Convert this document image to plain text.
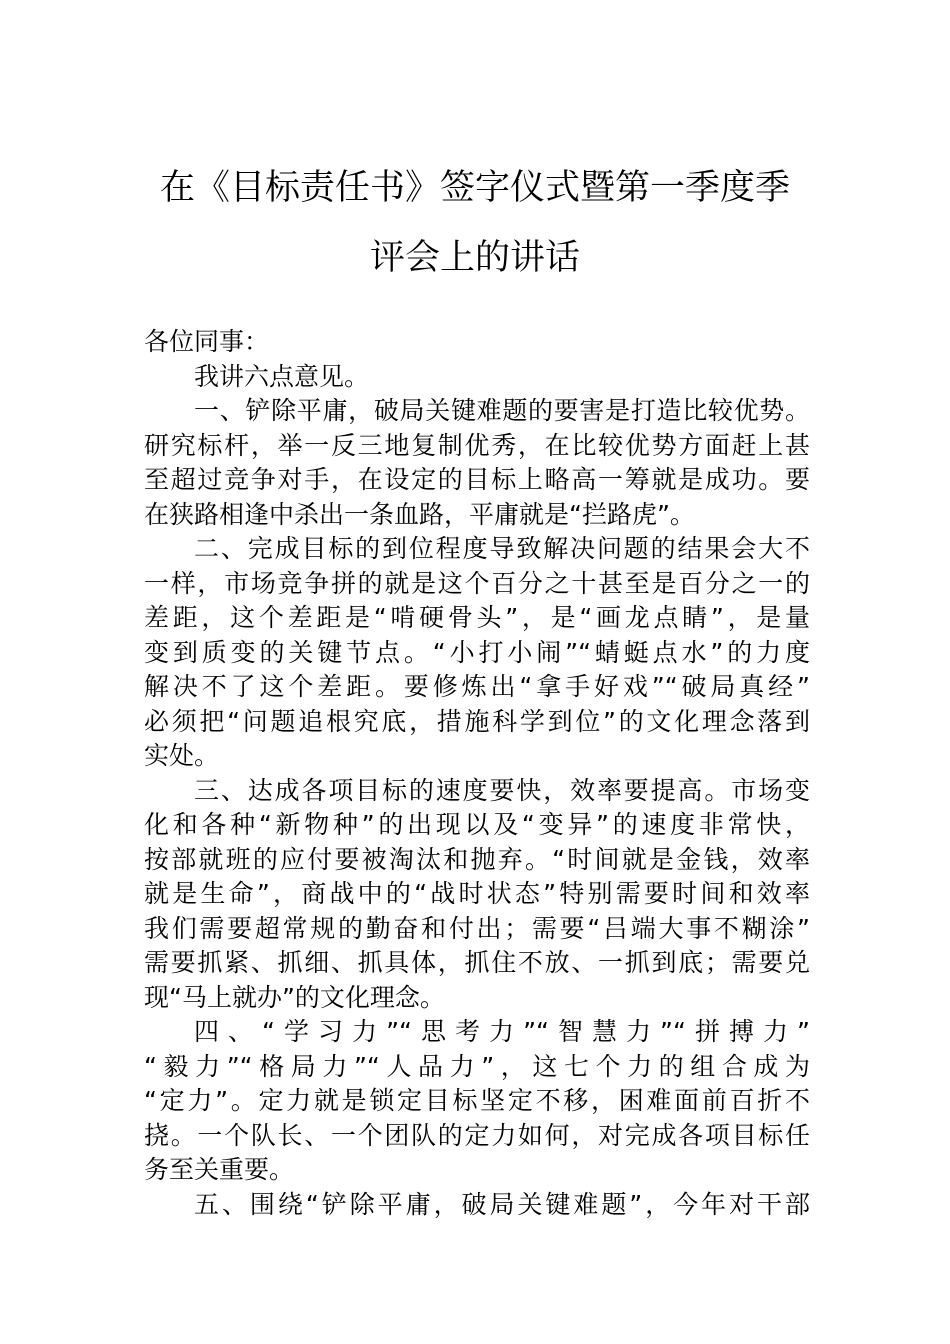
在《目标责任书》签字仪式暨第一季度季
评会上的讲话
各位同事：
我讲六点意见。
一、铲除平庸，破局关键难题的要害是打造比较优势。
研究标杆，举一反三地复制优秀，在比较优势方面赶上甚
至超过竞争对手，在设定的目标上略高一筹就是成功。要
在狭路相逢中杀出一条血路，平庸就是“拦路虎”。
二、完成目标的到位程度导致解决问题的结果会大不
一样，市场竞争拼的就是这个百分之十甚至是百分之一的
差距，这个差距是“啃硬骨头”，是“画龙点睛”，是量
变到质变的关键节点。“小打小闹”“蜻蜓点水”的力度
解决不了这个差距。要修炼出“拿手好戏”“破局真经”
必须把“问题追根究底，措施科学到位”的文化理念落到
实处。
三、达成各项目标的速度要快，效率要提高。市场变
化和各种“新物种”的出现以及“变异”的速度非常快，
按部就班的应付要被淘汰和抛弃。“时间就是金钱，效率
就是生命”，商战中的“战时状态”特别需要时间和效率
我们需要超常规的勤奋和付出；需要“吕端大事不糊涂”
需要抓紧、抓细、抓具体，抓住不放、一抓到底；需要兑
现“马上就办”的文化理念。
四、“学习力”“思考力”“智慧力”“拼搏力”
“毅力”“格局力”“人品力”，这七个力的组合成为
“定力”。定力就是锁定目标坚定不移，困难面前百折不
挠。一个队长、一个团队的定力如何，对完成各项目标任
务至关重要。
五、围绕“铲除平庸，破局关键难题”，今年对干部
